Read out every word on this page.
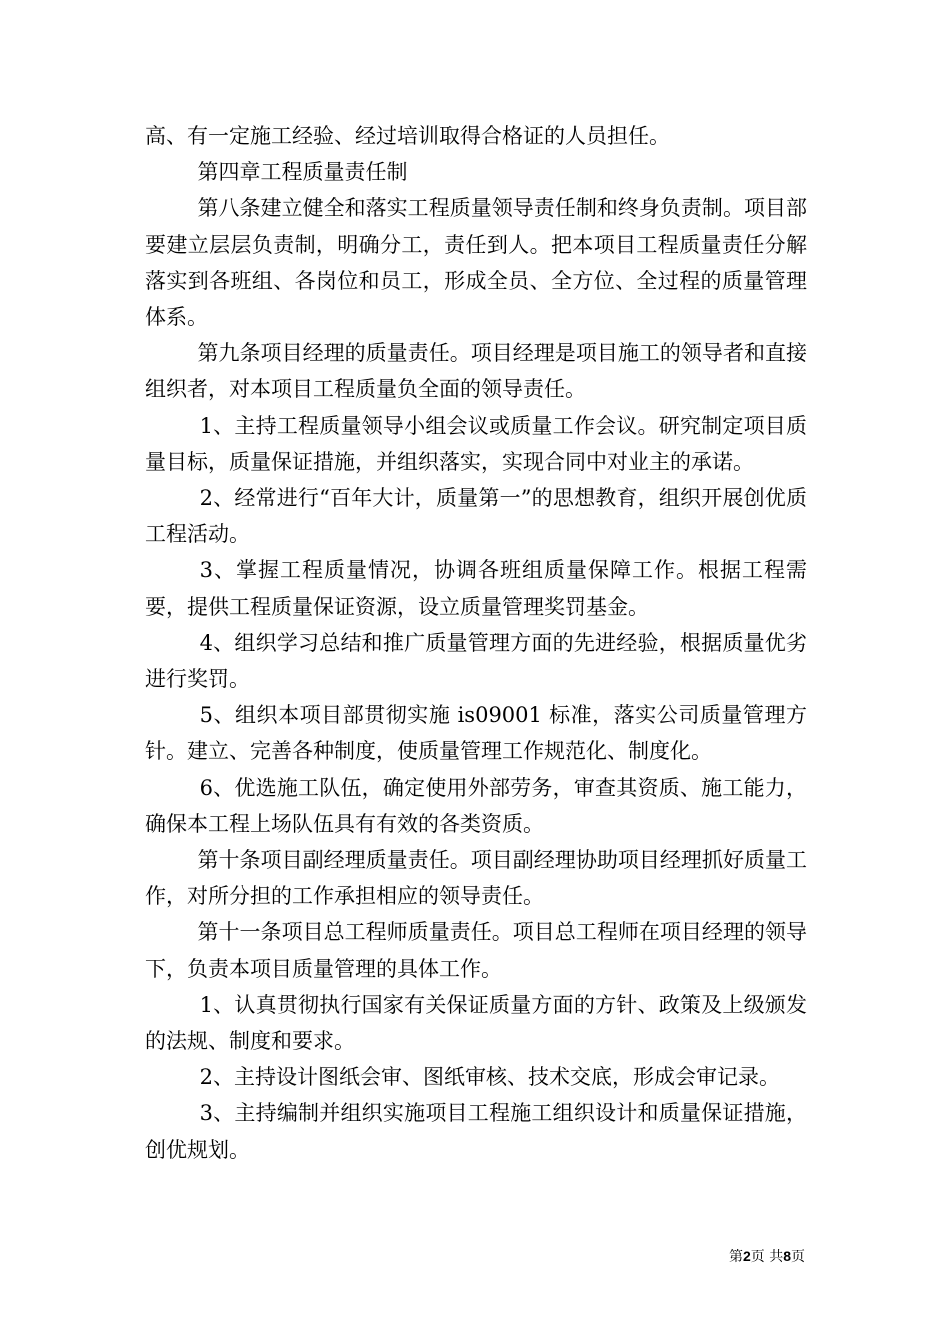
高、有一定施工经验、经过培训取得合格证的人员担任。

第四章工程质量责任制

第八条建立健全和落实工程质量领导责任制和终身负责制。项目部要建立层层负责制，明确分工，责任到人。把本项目工程质量责任分解落实到各班组、各岗位和员工，形成全员、全方位、全过程的质量管理体系。

第九条项目经理的质量责任。项目经理是项目施工的领导者和直接组织者，对本项目工程质量负全面的领导责任。

1、主持工程质量领导小组会议或质量工作会议。研究制定项目质量目标，质量保证措施，并组织落实，实现合同中对业主的承诺。

2、经常进行“百年大计，质量第一”的思想教育，组织开展创优质工程活动。

3、掌握工程质量情况，协调各班组质量保障工作。根据工程需要，提供工程质量保证资源，设立质量管理奖罚基金。

4、组织学习总结和推广质量管理方面的先进经验，根据质量优劣进行奖罚。

5、组织本项目部贯彻实施 is09001 标准，落实公司质量管理方针。建立、完善各种制度，使质量管理工作规范化、制度化。

6、优选施工队伍，确定使用外部劳务，审查其资质、施工能力，确保本工程上场队伍具有有效的各类资质。

第十条项目副经理质量责任。项目副经理协助项目经理抓好质量工作，对所分担的工作承担相应的领导责任。

第十一条项目总工程师质量责任。项目总工程师在项目经理的领导下，负责本项目质量管理的具体工作。

1、认真贯彻执行国家有关保证质量方面的方针、政策及上级颁发的法规、制度和要求。

2、主持设计图纸会审、图纸审核、技术交底，形成会审记录。

3、主持编制并组织实施项目工程施工组织设计和质量保证措施，创优规划。

第2页 共8页
